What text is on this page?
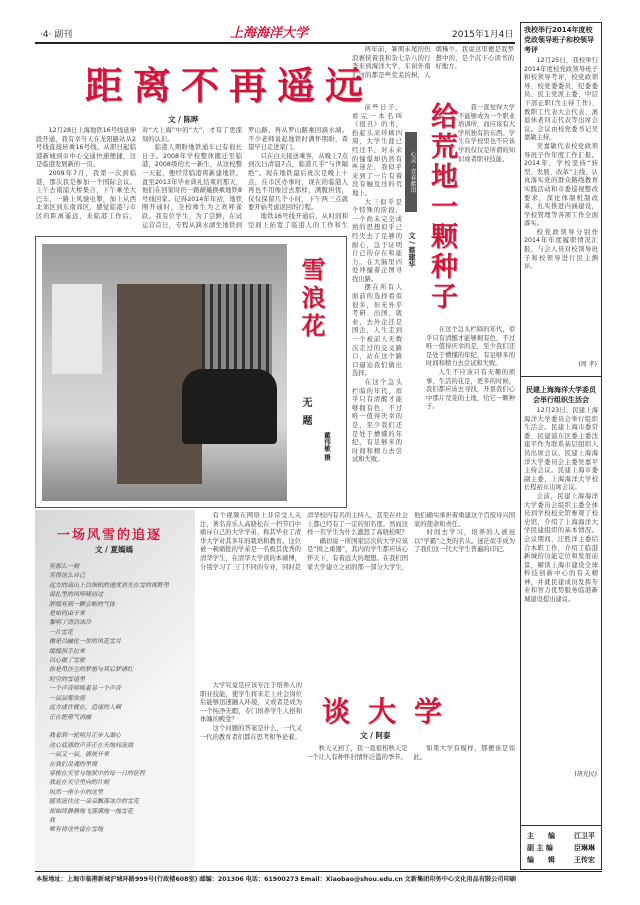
·4· 副刊	上海海洋大学	2015年1月4日
距离不再遥远
文 / 陈晔

12月28日上海地铁16号线延伸段开通，我有幸当天在龙阳路站从2号线直接转乘16号线。从即日起临港新城到市中心交通快速便捷，这是临港发展新的一页。

2009年7月，我第一次到临港，那次我是参加一个国际会议。上午去南浦大桥集合，下午乘坐大巴车，一路上风驰电掣，加上从西北郊区到东南郊区，感觉临港与市区的距离遥远，来临港工作后，对“大上海”中的“大”，才有了更深刻的认识。

临港人期盼地铁通车已有很长日子。2008年学校整体搬迁至临港，2008级的大一新生，从这校整一天起，便经常临港将新建地铁。直至2013年毕业典礼结束的那天，他们在回家时仍一路颠簸换乘地铁8号线回家。记得2014年年初，地铁刚开通时，全校师生为之欢呼雀跃。我有位学生，为了尝鲜，在试运营首日，专程从滴水湖坐地铁到罗山路，再从罗山路乘回滴水湖。不少老师说起地铁时满怀期盼，希望早日走进家门。

只在白天接送乘客，从晚上7点到次日清晨7点，临港几乎“与世隔绝”。现在地铁最后班次是晚上十点，在市区办事时，现在的临港人再也不用像过去那样，满腹担忧，仅仅保留几个小时，下午两三点就要开始考虑返回的行程。

地铁16号线开通后，从时间和空间上拓宽了临港人的工作和生

雪浪花
无题
戴伟敏 摄

两年前，暑期末尾的热浪裹挟着我和杂七杂八的行李来到海洋大学，车窗外南汇这的都是些荒芜的树，人烟稀少。我说这里便是我梦想中的，是个沉下心读书的好地方。

前些日子，看完一本名叫《很丑》的书，抬起头来环顾四周，大学生涯已经过半，对未来的憧憬却仍然有些迷茫，我似乎来到了一片有着没有触及过的荒地上。

大三似乎是个特殊的阶段，一个尚未完全成熟的思想似乎已经失去了足够的耐心，急于证明自己的存在和能力。在大脑里四处冲撞着企图寻找出路。

摆在所有人面前的选择看似很多，但无外乎考研、出国、就业、去外企还是国企，人生走到一个被前人无数次走过的交叉路口，站在这个路口逼迫我们做出选择。

在这个急头栏暗的年代，似乎只有清醒才能够拥有色，不过唯一值得庆幸的是，至少我们还是处于懵懂的年纪，有足够多的时间和精力去尝试和失败。

心灵 · 青春絮语 给荒地一颗种子
文 / 蔡建华

我一直觉得大学不能够成为一个职业培训所，而应该有大学所独有的东西。学生在学校里也不应该学的仅仅是所谓的知识或者职业技能。

在这个急头栏暗的年代，似乎只有清醒才能够拥有色，不过唯一值得庆幸的是，至少我们还是处于懵懂的年纪，有足够多的时间和精力去尝试和失败。

人生不应该只有无趣的琐事，生活的花是，更多的时候，我们都应该去寻找，开垦我们心中那片荒芜的土地，给它一颗种子。

一场风雪的追逐
文 / 夏嫣嫣
有那么一刻
笑得这么自己
远方的高山上以细柏的速度消失在雪的视野里
说扎里的风呼啸而过
舒缓有到一颗会断的气体
是如何由于来
黎明了清洁冰冷
一片雪花
像是以融化一世的风花雪月
缓缓指手拉来
以心做了雪旅
你是用沙尘的梦想与其后梦诸红
时空的雪道里
一个声音呼唤着另一个声音
一层层雾弥漫
远方或许就在，追逐的人啊
正在把勇气消融
我看到一轮明月正步入湖心
这心底涌的声音正在天地间流淌
一层又一层，铺展开来
在我们灵魂的里境
穿梭在天堂与地狱中的每一日的征程
我赶在天空里向的片刻
纵然一座小小的这里
随寒流往这一朵朵飘落冰冷的雪花
却始终静静地飞落满地一地雪花
我
唯有将这些留在雪地

有个视频在网络上非常受人关注，著名音乐人高晓松在一档节目中痛斥自己的大学学弟，称其毕业了清华大学对其多年的栽培和教育。这位被一顿痛批的学弟是一名极其优秀的清华学生，在清华大学读的本硕博，分别学习了三门不同的专业，同时是清华校内有名的主持人，甚至在社会上都已经有了一定的知名度。然而这样一名学生为什么激怒了高晓松呢？

确切说一所国家层次的大学应该是“国之重器”，其内的学生都应该心怀天下，有着远大的理想。在我们国家大学建立之初的那一部分大学生，他们确实承担着重建这个百废待兴国家的使命和责任。

时间去学习，培养的人被冠以“学霸”之类的名头。迷茫似乎成为了我们这一代大学生普遍的印记。

大学究竟是应该专注于培养人的职业技能，使学生将来走上社会岗位后能够迅速融入环境，又或者是成为一个纯净无暇，专门培养学生人格和体魄的殿堂？

这个问题的答案是什么，一代又一代的教育者们都在思考和争论着。

谈大学
文 / 阿泰

秋天又到了，我一直很相秋天是一个让人有种怀旧情怀泛滥的季节。

如果大学有模样，那便该是如此。

我校举行2014年度校党政领导班子和校领导考评

12月25日，我校举行2014年度校党政领导班子和校领导考评，校党政领导、校党委委员、纪委委员、民主党派主委、中层干部正职(含主持工作)、教职工代表大会代表、离退休老同志代表等出席会议。会议由校党委书记吴嘉敏主持。

吴嘉敏代表校党政领导班子作年度工作汇报。2014年，学校坚持“转型、发展、改革”主线，认真落实党的群众路线教育实践活动和市委巡视整改要求，深化体制机制改革，扎实推进内涵建设，学校管理等各项工作全面落实。

校党政领导分别作2014年年度履职情况汇报，与会人员对校领导班子和校领导进行民主测评。

(周 孝)
民建上海海洋大学委员会举行组织生活会

12月23日，民建上海海洋大学委员会举行组织生活会。民建上海市委常委、民建浦东区委主委沈建平作为联系基层组织人员出席会议。民建上海海洋大学委员会主委吴嘉平主持会议。民建上海市委副主委、上海海洋大学校长程裕东出席会议。

会前，民建上海海洋大学委员会组织主委全体员到学校校史馆参观了校史馆，介绍了上海海洋大学民建组织的基本情况。会议期间，汪胜洋主委结合本职工作，介绍了临港新城的功能定位和发展前景，解读上海市建设全球科技创新中心的有关精神，并就民建成员发挥专业和智力优势服务临港新城建设提出建议。

(胡光民)
主　　编	江卫平
副 主 编	臣琳琳
编　　辑	王传宏
本报地址：上海市临港新城沪城环路999号(行政楼608室) 邮编：201306 电话：61900273 Email：Xiaobao@shou.edu.cn 文新集团印务中心文化用品有限公司印刷
